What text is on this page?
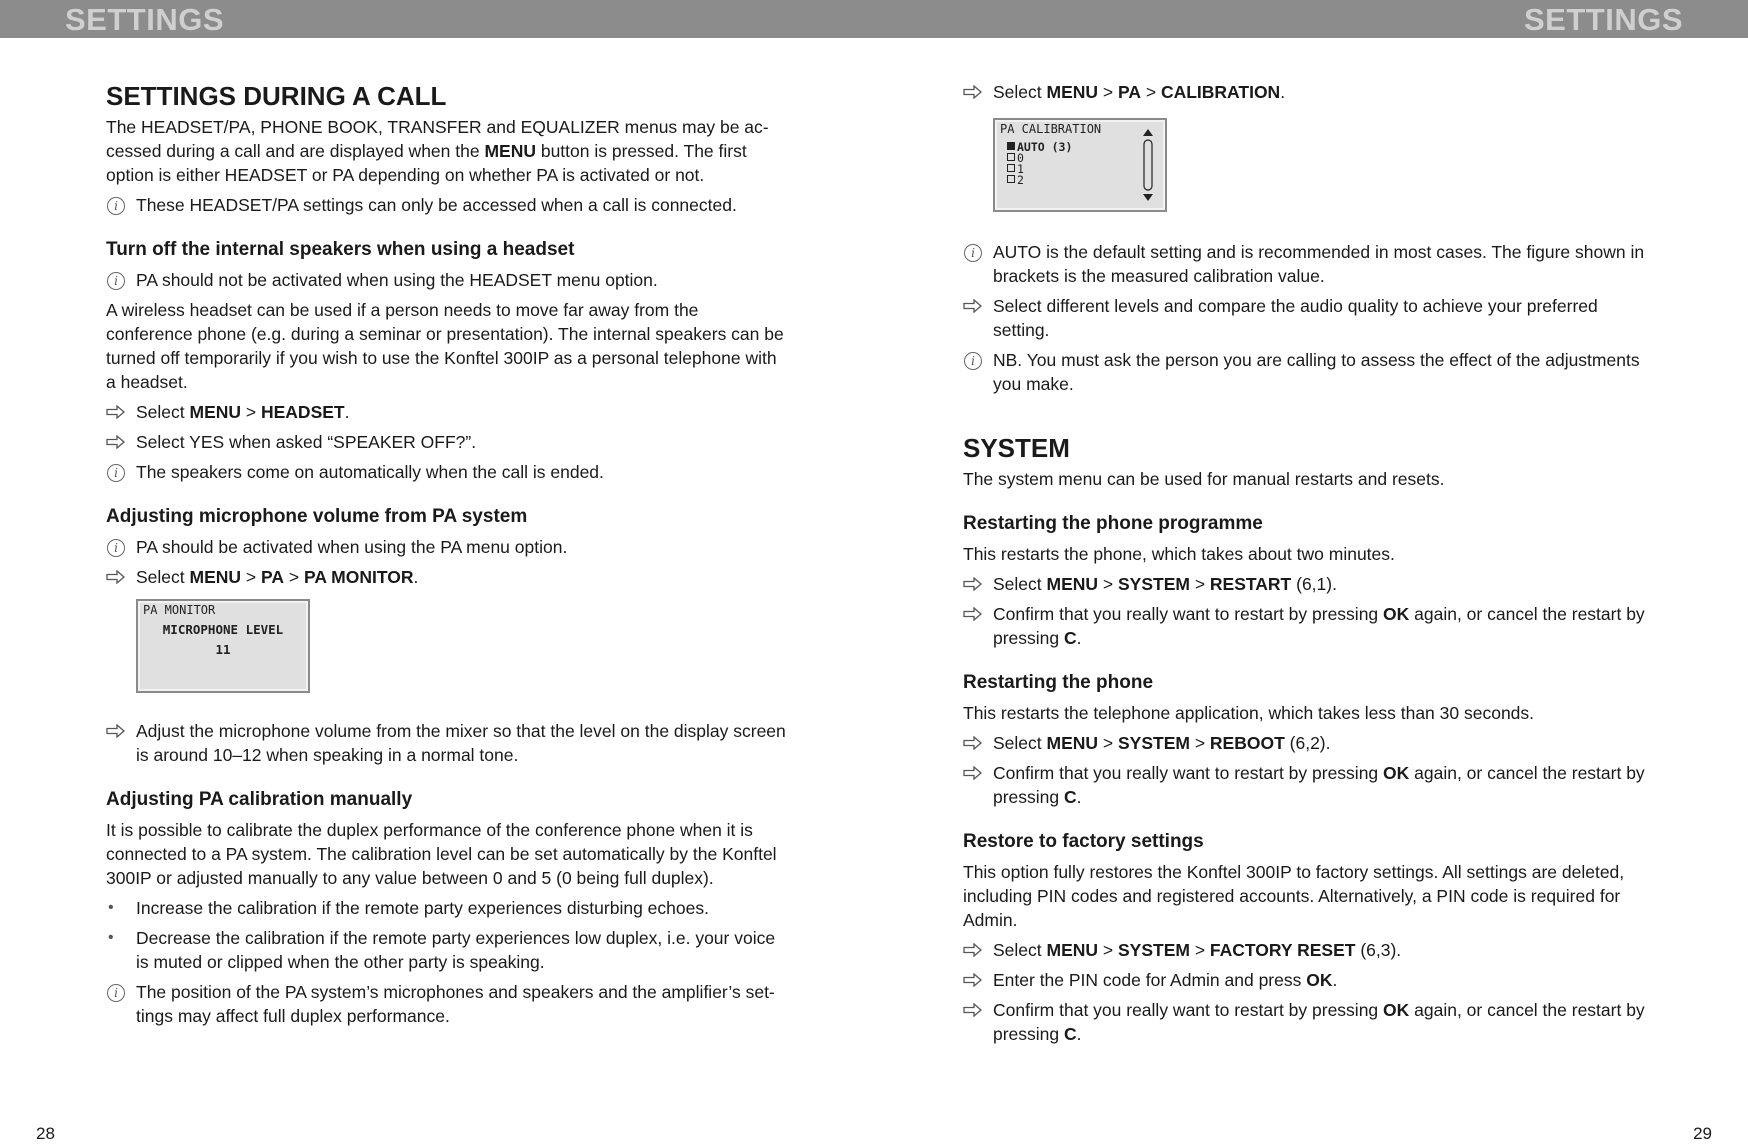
SETTINGS	SETTINGS
SETTINGS DURING A CALL

The HEADSET/PA, PHONE BOOK, TRANSFER and EQUALIZER menus may be ac-cessed during a call and are displayed when the MENU button is pressed. The first option is either HEADSET or PA depending on whether PA is activated or not.

i	These HEADSET/PA settings can only be accessed when a call is connected.
Turn off the internal speakers when using a headset
i	PA should not be activated when using the HEADSET menu option.

A wireless headset can be used if a person needs to move far away from the conference phone (e.g. during a seminar or presentation). The internal speakers can be turned off temporarily if you wish to use the Konftel 300IP as a personal telephone with a headset.

Select MENU > HEADSET.
Select YES when asked “SPEAKER OFF?”.
i	The speakers come on automatically when the call is ended.
Adjusting microphone volume from PA system
i	PA should be activated when using the PA menu option.
Select MENU > PA > PA MONITOR.
PA MONITOR
MICROPHONE LEVEL
11
Adjust the microphone volume from the mixer so that the level on the display screen is around 10–12 when speaking in a normal tone.
Adjusting PA calibration manually

It is possible to calibrate the duplex performance of the conference phone when it is connected to a PA system. The calibration level can be set automatically by the Konftel 300IP or adjusted manually to any value between 0 and 5 (0 being full duplex).

•	Increase the calibration if the remote party experiences disturbing echoes.
•	Decrease the calibration if the remote party experiences low duplex, i.e. your voice is muted or clipped when the other party is speaking.
i	The position of the PA system’s microphones and speakers and the amplifier’s set-tings may affect full duplex performance.
Select MENU > PA > CALIBRATION.
PA CALIBRATION
AUTO (3)
0
1
2
i	AUTO is the default setting and is recommended in most cases. The figure shown in brackets is the measured calibration value.
Select different levels and compare the audio quality to achieve your preferred setting.
i	NB. You must ask the person you are calling to assess the effect of the adjustments you make.
SYSTEM

The system menu can be used for manual restarts and resets.

Restarting the phone programme

This restarts the phone, which takes about two minutes.

Select MENU > SYSTEM > RESTART (6,1).
Confirm that you really want to restart by pressing OK again, or cancel the restart by pressing C.
Restarting the phone

This restarts the telephone application, which takes less than 30 seconds.

Select MENU > SYSTEM > REBOOT (6,2).
Confirm that you really want to restart by pressing OK again, or cancel the restart by pressing C.
Restore to factory settings

This option fully restores the Konftel 300IP to factory settings. All settings are deleted, including PIN codes and registered accounts. Alternatively, a PIN code is required for Admin.

Select MENU > SYSTEM > FACTORY RESET (6,3).
Enter the PIN code for Admin and press OK.
Confirm that you really want to restart by pressing OK again, or cancel the restart by pressing C.
28	29
